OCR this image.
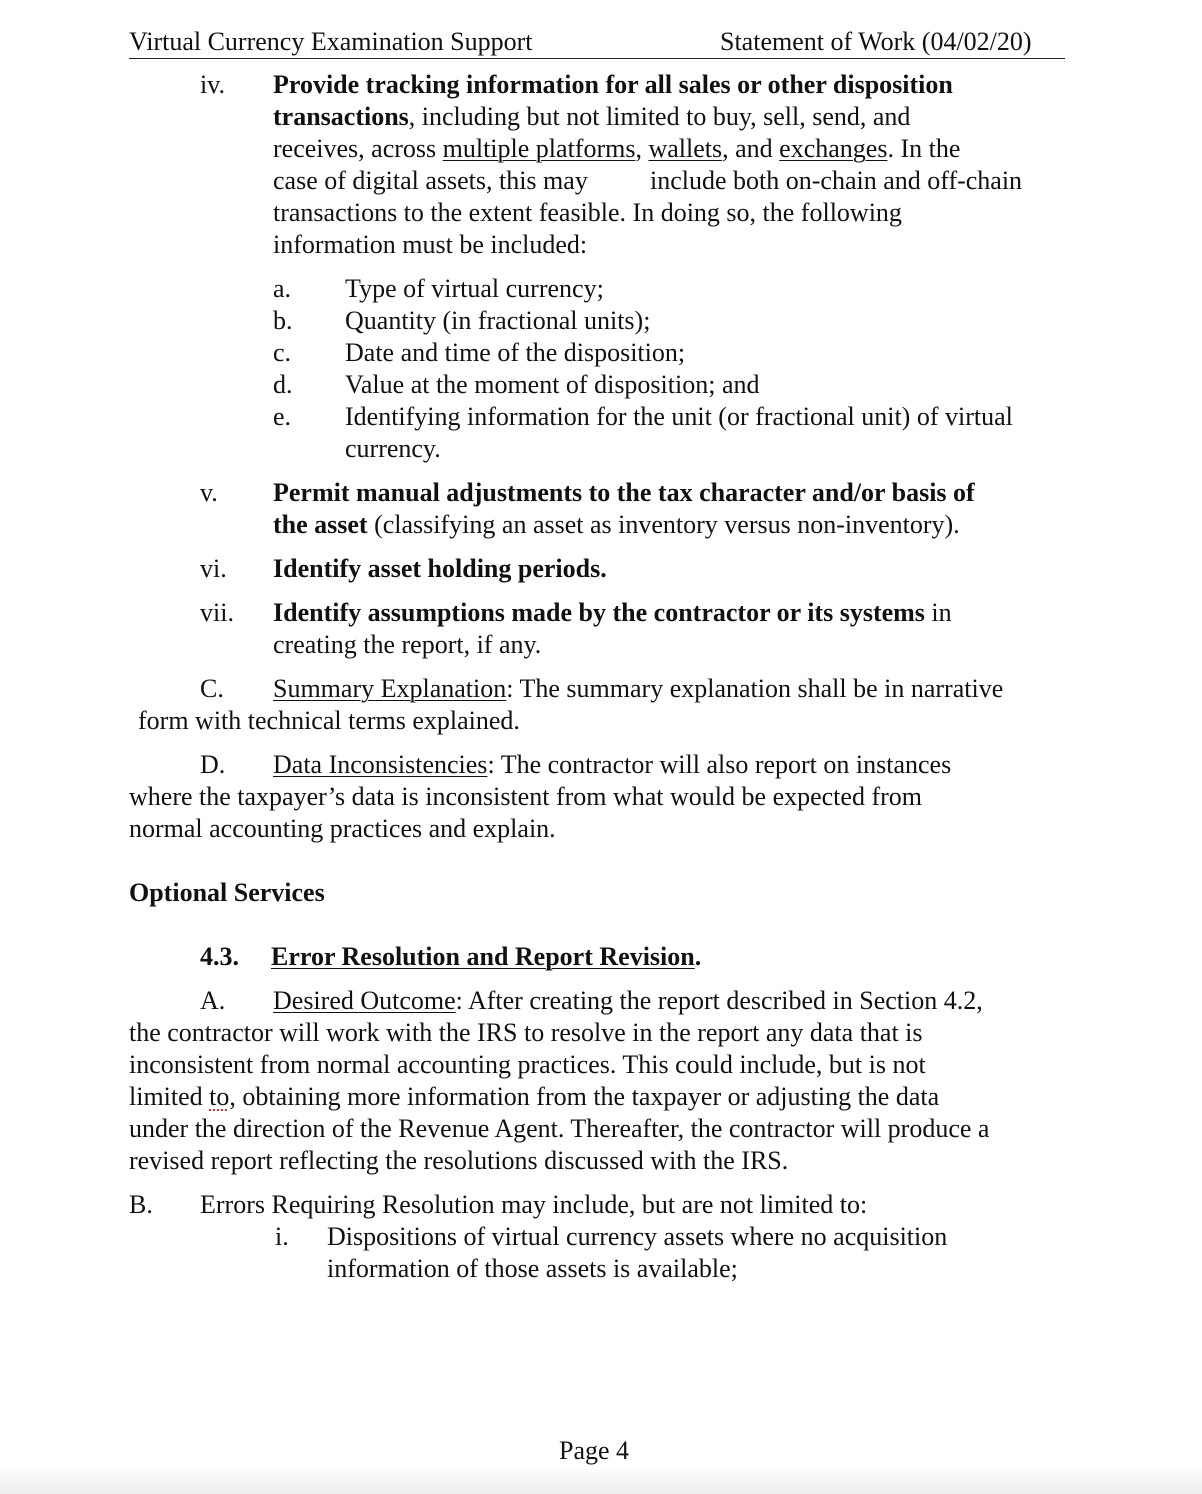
Virtual Currency Examination Support	Statement of Work (04/02/20)
iv. Provide tracking information for all sales or other disposition
transactions, including but not limited to buy, sell, send, and
receives, across multiple platforms, wallets, and exchanges. In the
case of digital assets, this may include both on-chain and off-chain
transactions to the extent feasible. In doing so, the following
information must be included:
a. Type of virtual currency;
b. Quantity (in fractional units);
c. Date and time of the disposition;
d. Value at the moment of disposition; and
e. Identifying information for the unit (or fractional unit) of virtual
currency.
v. Permit manual adjustments to the tax character and/or basis of
the asset (classifying an asset as inventory versus non-inventory).
vi. Identify asset holding periods.
vii. Identify assumptions made by the contractor or its systems in
creating the report, if any.
C. Summary Explanation: The summary explanation shall be in narrative
form with technical terms explained.
D. Data Inconsistencies: The contractor will also report on instances
where the taxpayer’s data is inconsistent from what would be expected from
normal accounting practices and explain.
Optional Services
4.3. Error Resolution and Report Revision.
A. Desired Outcome: After creating the report described in Section 4.2,
the contractor will work with the IRS to resolve in the report any data that is
inconsistent from normal accounting practices. This could include, but is not
limited to, obtaining more information from the taxpayer or adjusting the data
under the direction of the Revenue Agent. Thereafter, the contractor will produce a
revised report reflecting the resolutions discussed with the IRS.
B. Errors Requiring Resolution may include, but are not limited to:
i. Dispositions of virtual currency assets where no acquisition
information of those assets is available;
Page 4
